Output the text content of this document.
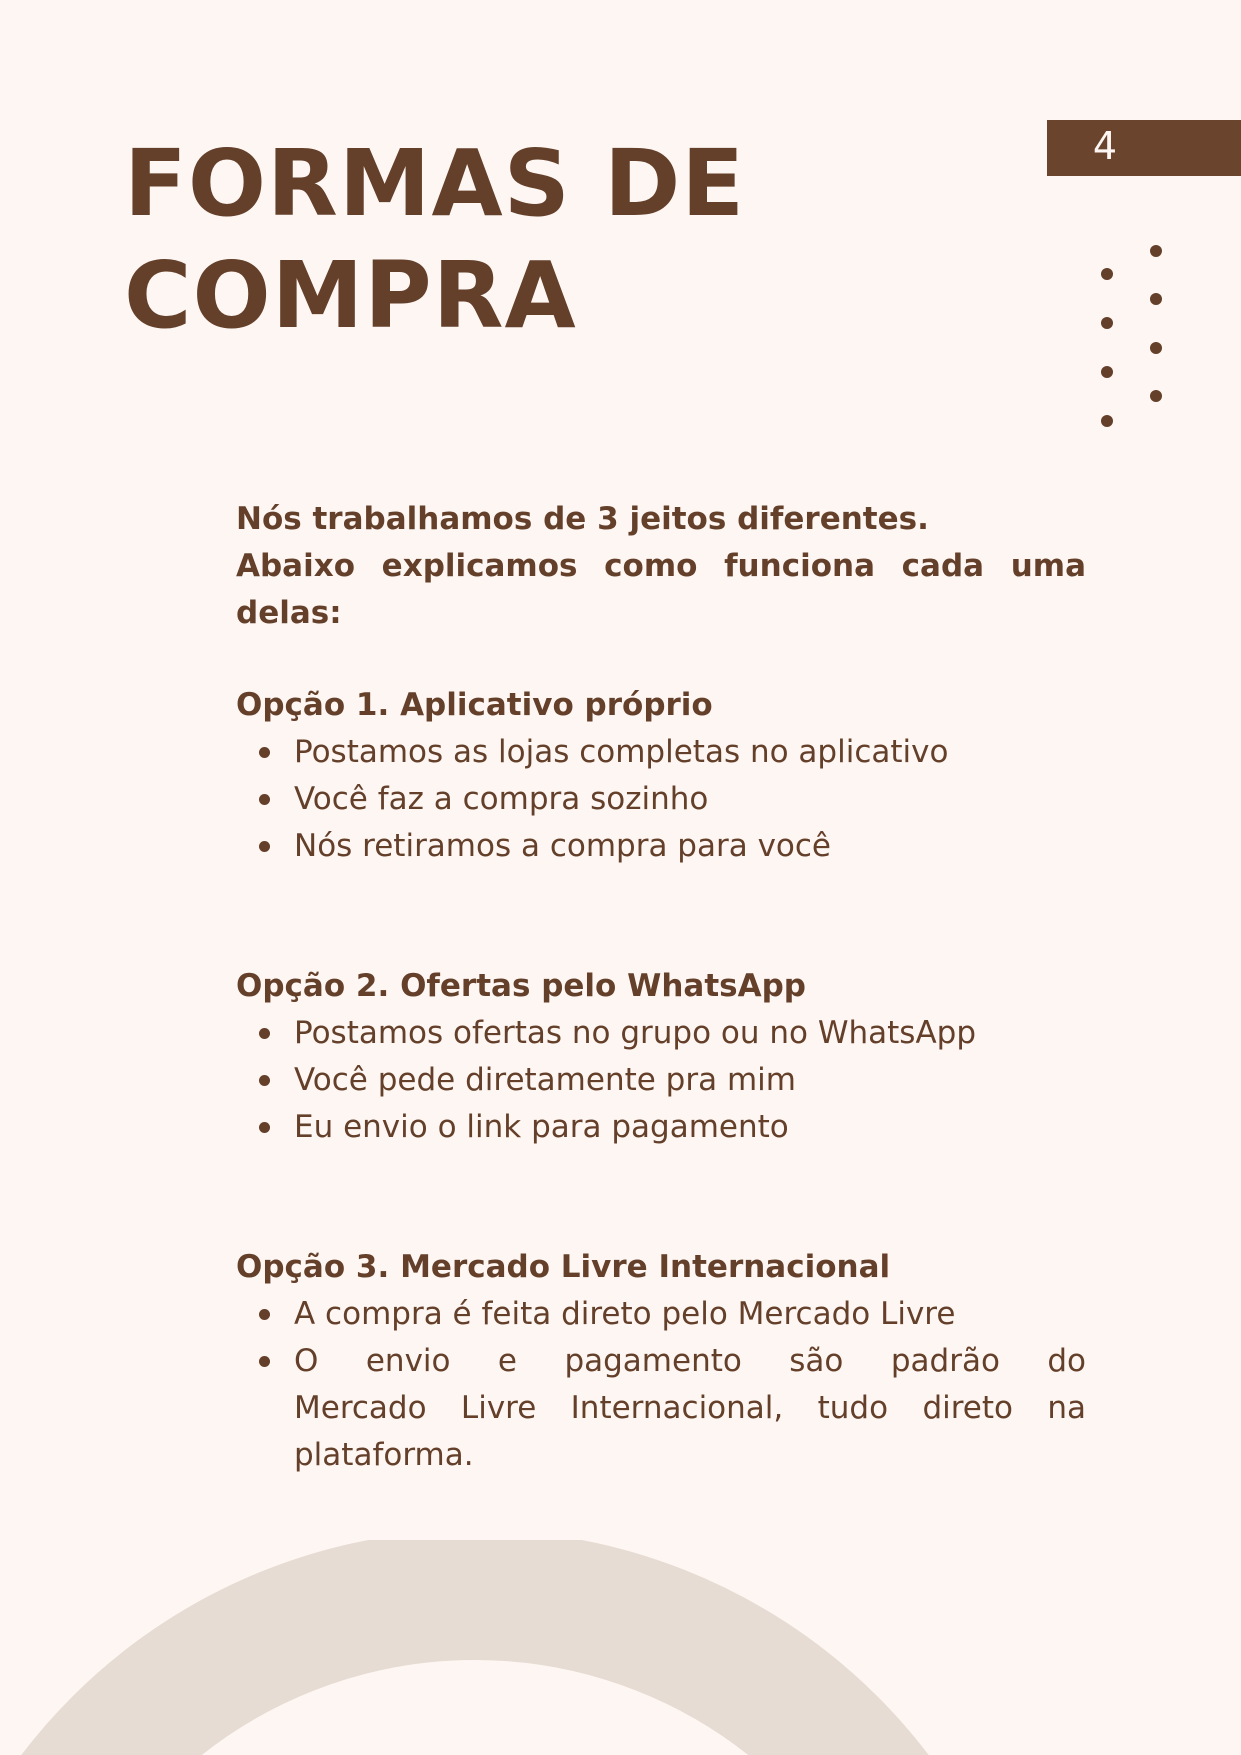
FORMAS DE
COMPRA
4

Nós trabalhamos de 3 jeitos diferentes.
Abaixo explicamos como funciona cada uma delas:

Opção 1. Aplicativo próprio
Postamos as lojas completas no aplicativo
Você faz a compra sozinho
Nós retiramos a compra para você
Opção 2. Ofertas pelo WhatsApp
Postamos ofertas no grupo ou no WhatsApp
Você pede diretamente pra mim
Eu envio o link para pagamento
Opção 3. Mercado Livre Internacional
A compra é feita direto pelo Mercado Livre
O envio e pagamento são padrão do Mercado Livre Internacional, tudo direto na plataforma.
